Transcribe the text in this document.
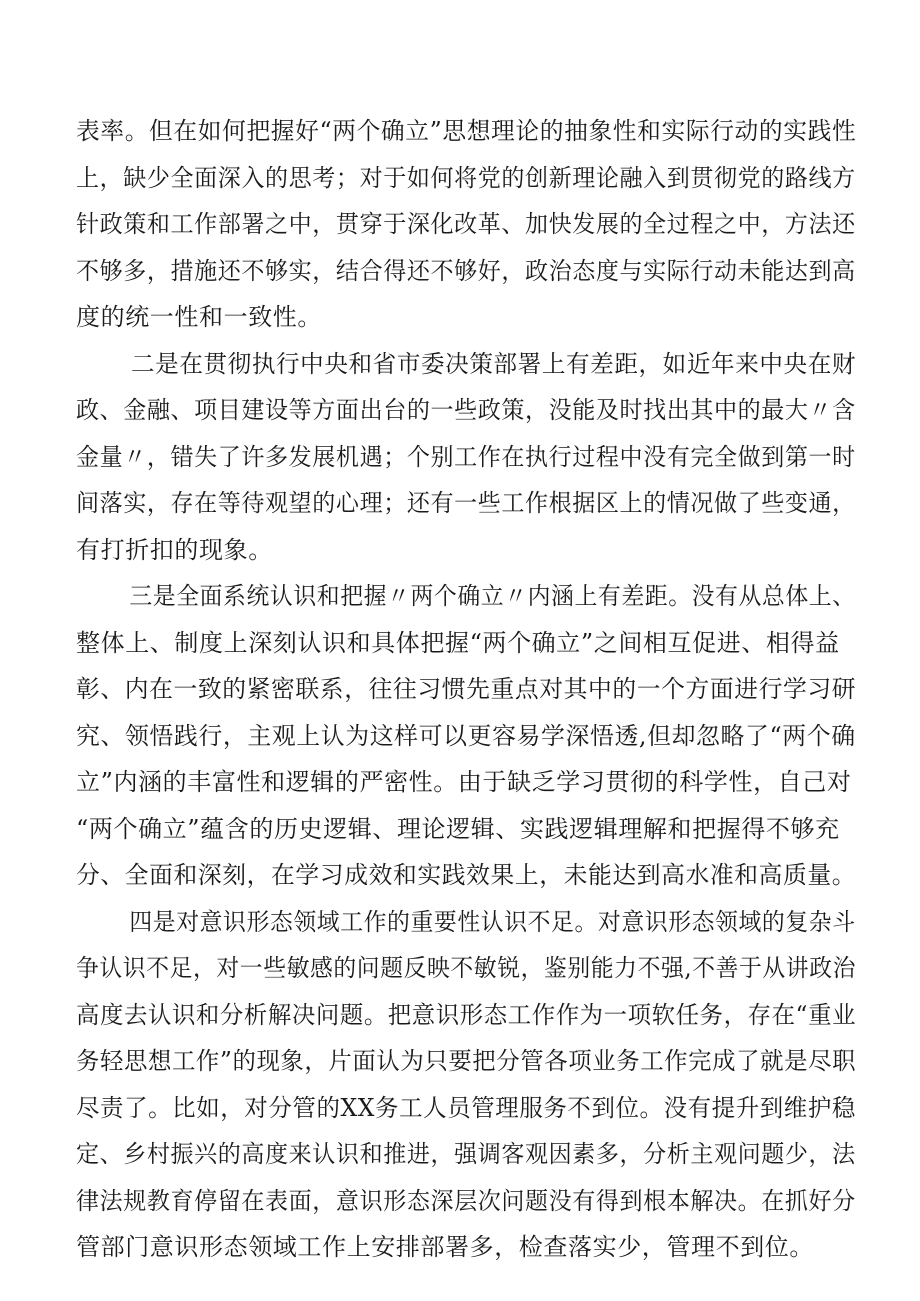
表率。但在如何把握好“两个确立”思想理论的抽象性和实际行动的实践性
上，缺少全面深入的思考；对于如何将党的创新理论融入到贯彻党的路线方
针政策和工作部署之中，贯穿于深化改革、加快发展的全过程之中，方法还
不够多，措施还不够实，结合得还不够好，政治态度与实际行动未能达到高
度的统一性和一致性。
二是在贯彻执行中央和省市委决策部署上有差距，如近年来中央在财
政、金融、项目建设等方面出台的一些政策，没能及时找出其中的最大〃含
金量〃，错失了许多发展机遇；个别工作在执行过程中没有完全做到第一时
间落实，存在等待观望的心理；还有一些工作根据区上的情况做了些变通，
有打折扣的现象。
三是全面系统认识和把握〃两个确立〃内涵上有差距。没有从总体上、
整体上、制度上深刻认识和具体把握“两个确立”之间相互促进、相得益
彰、内在一致的紧密联系，往往习惯先重点对其中的一个方面进行学习研
究、领悟践行，主观上认为这样可以更容易学深悟透,但却忽略了“两个确
立”内涵的丰富性和逻辑的严密性。由于缺乏学习贯彻的科学性，自己对
“两个确立”蕴含的历史逻辑、理论逻辑、实践逻辑理解和把握得不够充
分、全面和深刻，在学习成效和实践效果上，未能达到高水准和高质量。
四是对意识形态领域工作的重要性认识不足。对意识形态领域的复杂斗
争认识不足，对一些敏感的问题反映不敏锐，鉴别能力不强,不善于从讲政治
高度去认识和分析解决问题。把意识形态工作作为一项软任务，存在“重业
务轻思想工作”的现象，片面认为只要把分管各项业务工作完成了就是尽职
尽责了。比如，对分管的XX务工人员管理服务不到位。没有提升到维护稳
定、乡村振兴的高度来认识和推进，强调客观因素多，分析主观问题少，法
律法规教育停留在表面，意识形态深层次问题没有得到根本解决。在抓好分
管部门意识形态领域工作上安排部署多，检查落实少，管理不到位。
